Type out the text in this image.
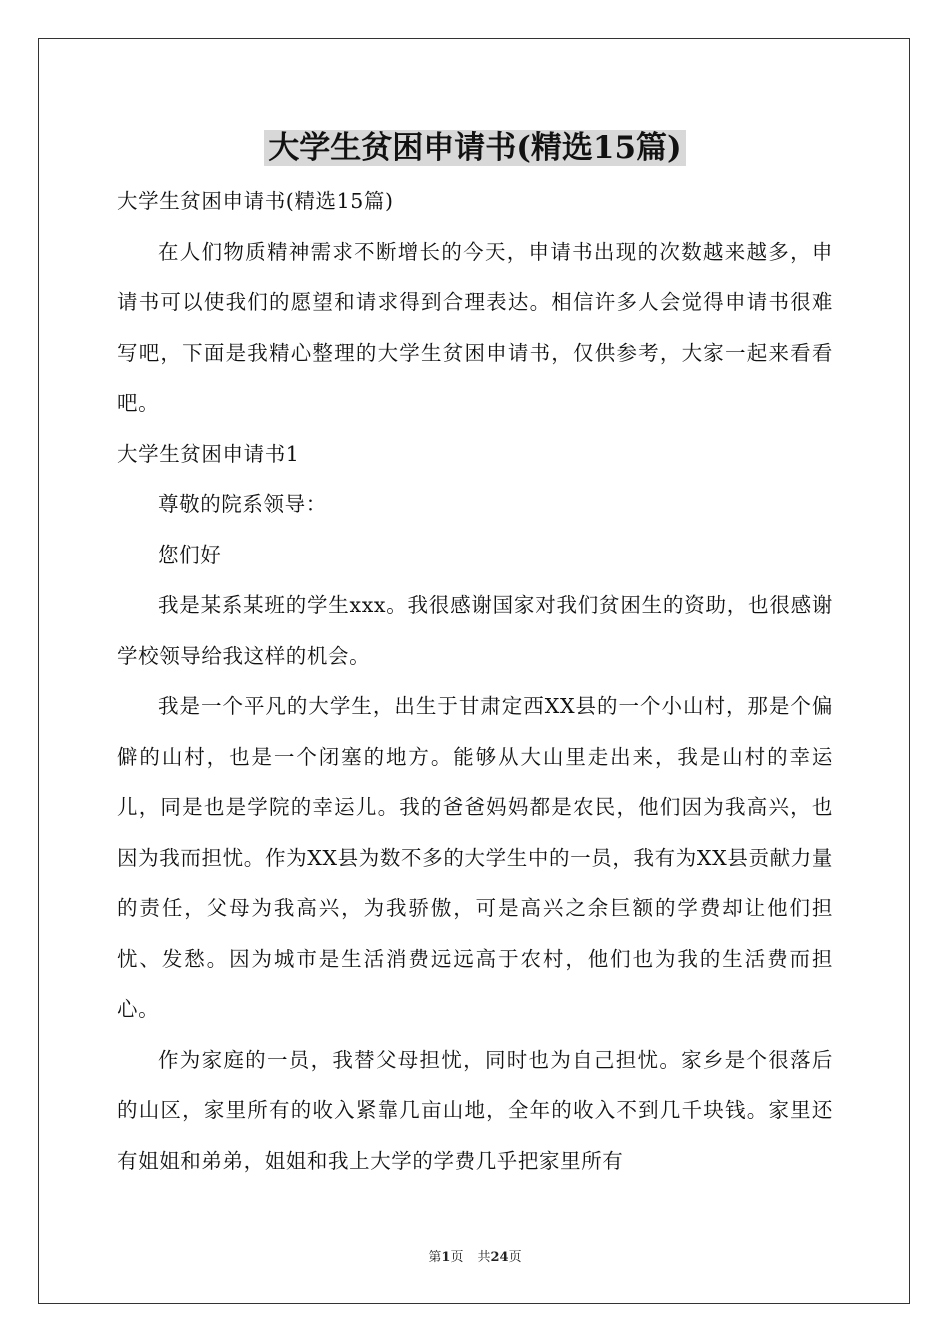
大学生贫困申请书(精选15篇)

大学生贫困申请书(精选15篇)

在人们物质精神需求不断增长的今天，申请书出现的次数越来越多，申请书可以使我们的愿望和请求得到合理表达。相信许多人会觉得申请书很难写吧，下面是我精心整理的大学生贫困申请书，仅供参考，大家一起来看看吧。

大学生贫困申请书1

尊敬的院系领导：

您们好

我是某系某班的学生xxx。我很感谢国家对我们贫困生的资助，也很感谢学校领导给我这样的机会。

我是一个平凡的大学生，出生于甘肃定西XX县的一个小山村，那是个偏僻的山村，也是一个闭塞的地方。能够从大山里走出来，我是山村的幸运儿，同是也是学院的幸运儿。我的爸爸妈妈都是农民，他们因为我高兴，也因为我而担忧。作为XX县为数不多的大学生中的一员，我有为XX县贡献力量的责任，父母为我高兴，为我骄傲，可是高兴之余巨额的学费却让他们担忧、发愁。因为城市是生活消费远远高于农村，他们也为我的生活费而担心。

作为家庭的一员，我替父母担忧，同时也为自己担忧。家乡是个很落后的山区，家里所有的收入紧靠几亩山地，全年的收入不到几千块钱。家里还有姐姐和弟弟，姐姐和我上大学的学费几乎把家里所有

第1页 共24页
